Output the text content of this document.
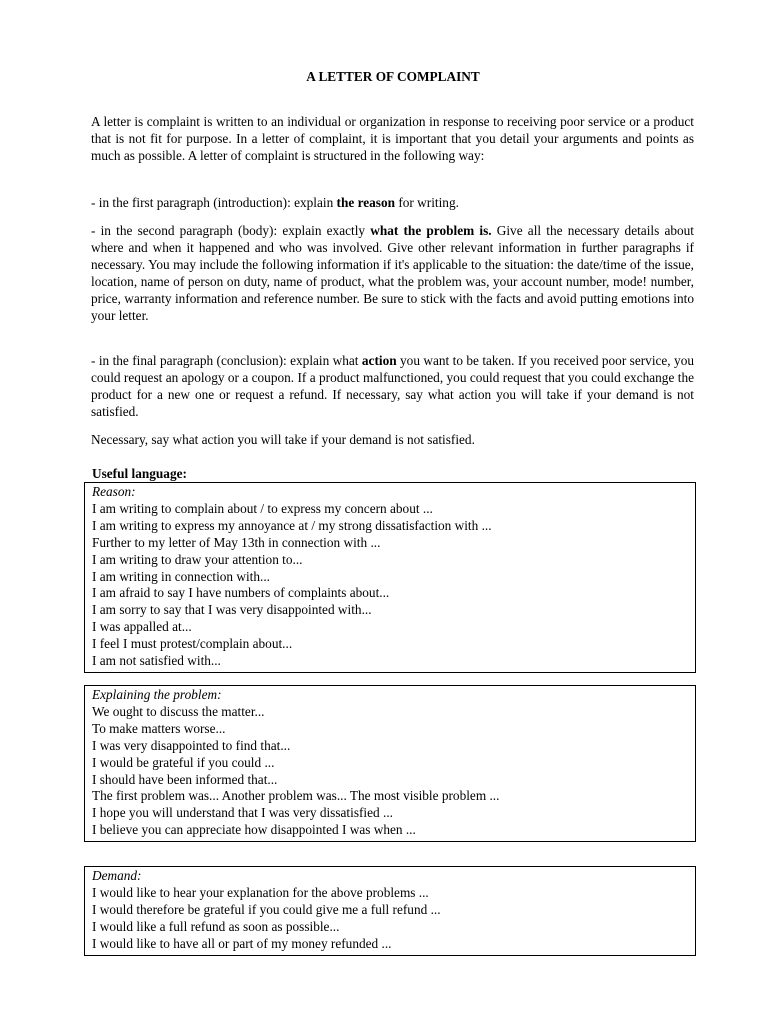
A LETTER OF COMPLAINT

A letter is complaint is written to an individual or organization in response to receiving poor service or a product that is not fit for purpose. In a letter of complaint, it is important that you detail your arguments and points as much as possible. A letter of complaint is structured in the following way:

- in the first paragraph (introduction): explain the reason for writing.

- in the second paragraph (body): explain exactly what the problem is. Give all the necessary details about where and when it happened and who was involved. Give other relevant information in further paragraphs if necessary. You may include the following information if it's applicable to the situation: the date/time of the issue, location, name of person on duty, name of product, what the problem was, your account number, mode! number, price, warranty information and reference number. Be sure to stick with the facts and avoid putting emotions into your letter.

- in the final paragraph (conclusion): explain what action you want to be taken. If you received poor service, you could request an apology or a coupon. If a product malfunctioned, you could request that you could exchange the product for a new one or request a refund. If necessary, say what action you will take if your demand is not satisfied.

Necessary, say what action you will take if your demand is not satisfied.

Useful language:
Reason:
I am writing to complain about / to express my concern about ...
I am writing to express my annoyance at / my strong dissatisfaction with ...
Further to my letter of May 13th in connection with ...
I am writing to draw your attention to...
I am writing in connection with...
I am afraid to say I have numbers of complaints about...
I am sorry to say that I was very disappointed with...
I was appalled at...
I feel I must protest/complain about...
I am not satisfied with...
Explaining the problem:
We ought to discuss the matter...
To make matters worse...
I was very disappointed to find that...
I would be grateful if you could ...
I should have been informed that...
The first problem was... Another problem was... The most visible problem ...
I hope you will understand that I was very dissatisfied ...
I believe you can appreciate how disappointed I was when ...
Demand:
I would like to hear your explanation for the above problems ...
I would therefore be grateful if you could give me a full refund ...
I would like a full refund as soon as possible...
I would like to have all or part of my money refunded ...
